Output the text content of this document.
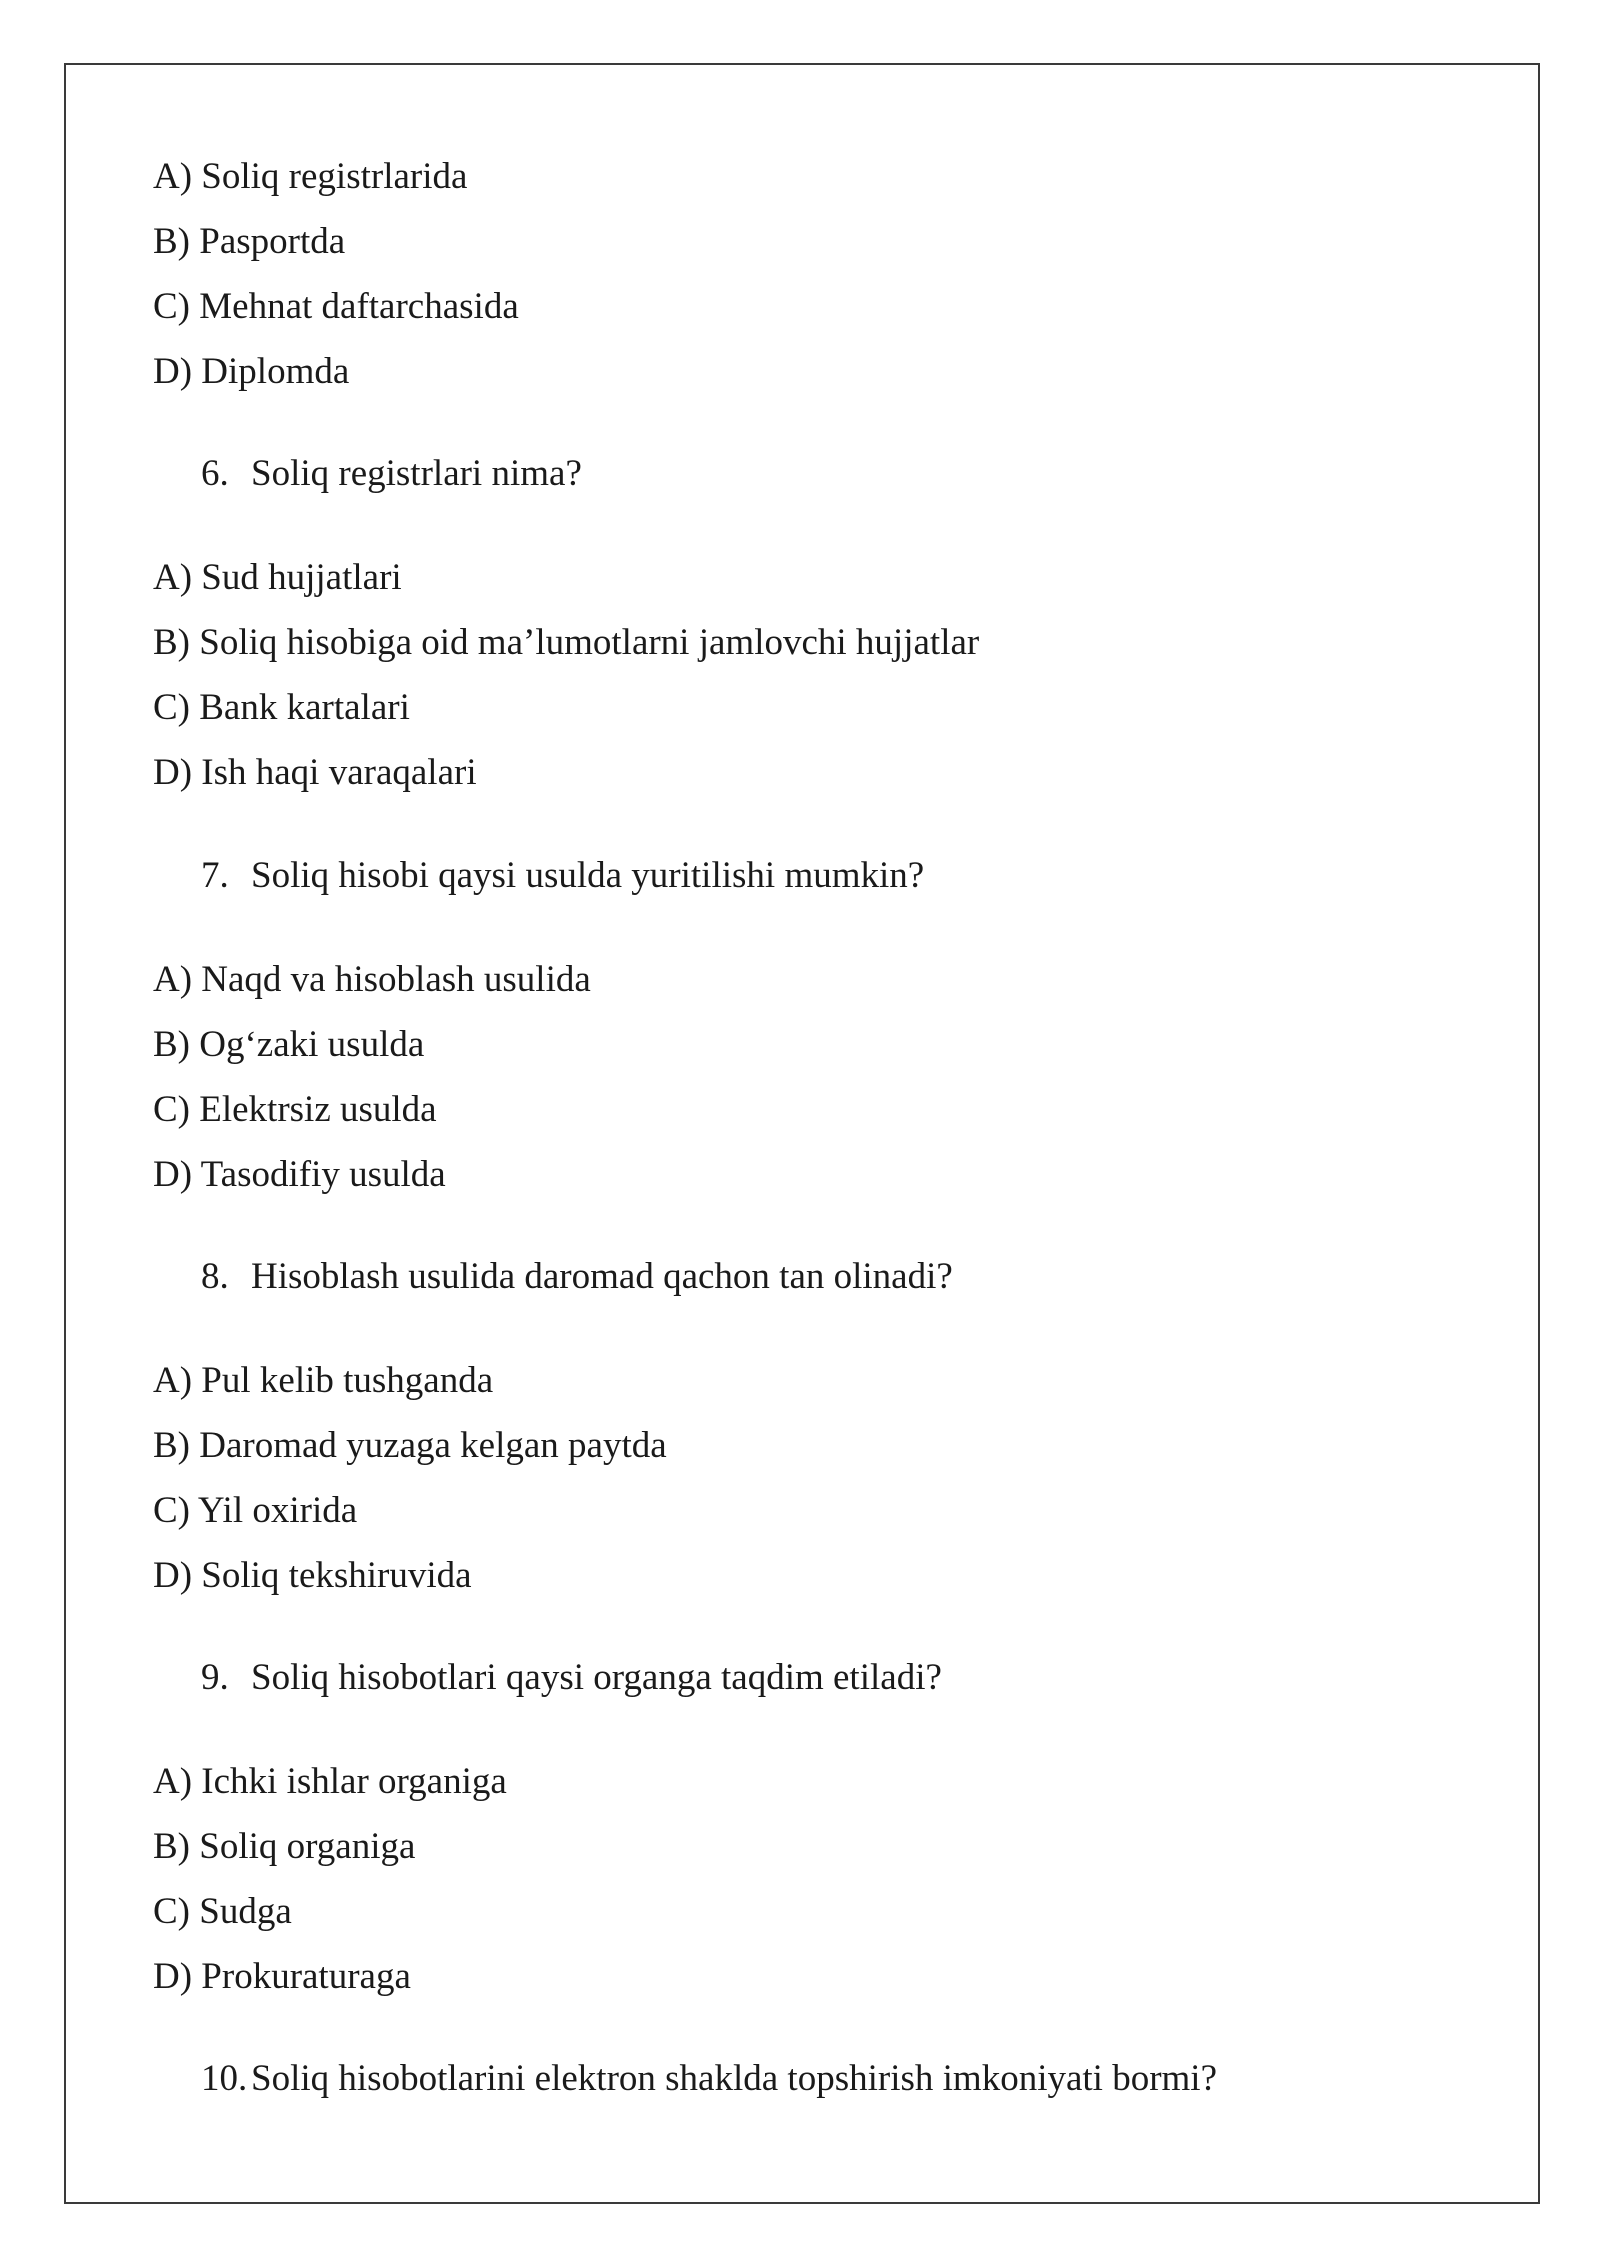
A) Soliq registrlarida
B) Pasportda
C) Mehnat daftarchasida
D) Diplomda
6. Soliq registrlari nima?
A) Sud hujjatlari
B) Soliq hisobiga oid ma’lumotlarni jamlovchi hujjatlar
C) Bank kartalari
D) Ish haqi varaqalari
7. Soliq hisobi qaysi usulda yuritilishi mumkin?
A) Naqd va hisoblash usulida
B) Og‘zaki usulda
C) Elektrsiz usulda
D) Tasodifiy usulda
8. Hisoblash usulida daromad qachon tan olinadi?
A) Pul kelib tushganda
B) Daromad yuzaga kelgan paytda
C) Yil oxirida
D) Soliq tekshiruvida
9. Soliq hisobotlari qaysi organga taqdim etiladi?
A) Ichki ishlar organiga
B) Soliq organiga
C) Sudga
D) Prokuraturaga
10. Soliq hisobotlarini elektron shaklda topshirish imkoniyati bormi?
